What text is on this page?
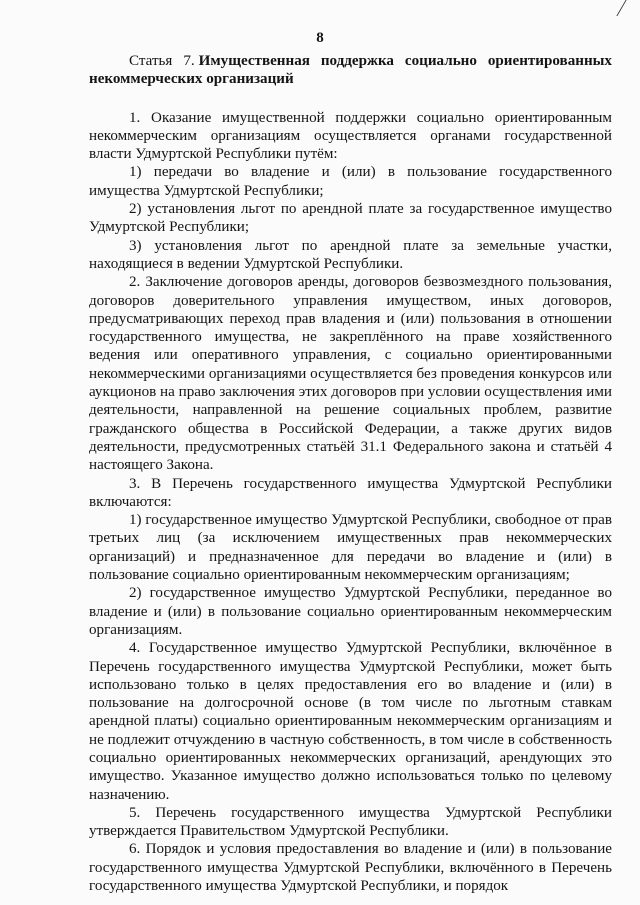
8

Статья 7. Имущественная поддержка социально ориентированных некоммерческих организаций

1. Оказание имущественной поддержки социально ориентированным некоммерческим организациям осуществляется органами государственной власти Удмуртской Республики путём:

1) передачи во владение и (или) в пользование государственного имущества Удмуртской Республики;

2) установления льгот по арендной плате за государственное имущество Удмуртской Республики;

3) установления льгот по арендной плате за земельные участки, находящиеся в ведении Удмуртской Республики.

2. Заключение договоров аренды, договоров безвозмездного пользования, договоров доверительного управления имуществом, иных договоров, предусматривающих переход прав владения и (или) пользования в отношении государственного имущества, не закреплённого на праве хозяйственного ведения или оперативного управления, с социально ориентированными некоммерческими организациями осуществляется без проведения конкурсов или аукционов на право заключения этих договоров при условии осуществления ими деятельности, направленной на решение социальных проблем, развитие гражданского общества в Российской Федерации, а также других видов деятельности, предусмотренных статьёй 31.1 Федерального закона и статьёй 4 настоящего Закона.

3. В Перечень государственного имущества Удмуртской Республики включаются:

1) государственное имущество Удмуртской Республики, свободное от прав третьих лиц (за исключением имущественных прав некоммерческих организаций) и предназначенное для передачи во владение и (или) в пользование социально ориентированным некоммерческим организациям;

2) государственное имущество Удмуртской Республики, переданное во владение и (или) в пользование социально ориентированным некоммерческим организациям.

4. Государственное имущество Удмуртской Республики, включённое в Перечень государственного имущества Удмуртской Республики, может быть использовано только в целях предоставления его во владение и (или) в пользование на долгосрочной основе (в том числе по льготным ставкам арендной платы) социально ориентированным некоммерческим организациям и не подлежит отчуждению в частную собственность, в том числе в собственность социально ориентированных некоммерческих организаций, арендующих это имущество. Указанное имущество должно использоваться только по целевому назначению.

5. Перечень государственного имущества Удмуртской Республики утверждается Правительством Удмуртской Республики.

6. Порядок и условия предоставления во владение и (или) в пользование государственного имущества Удмуртской Республики, включённого в Перечень государственного имущества Удмуртской Республики, и порядок
